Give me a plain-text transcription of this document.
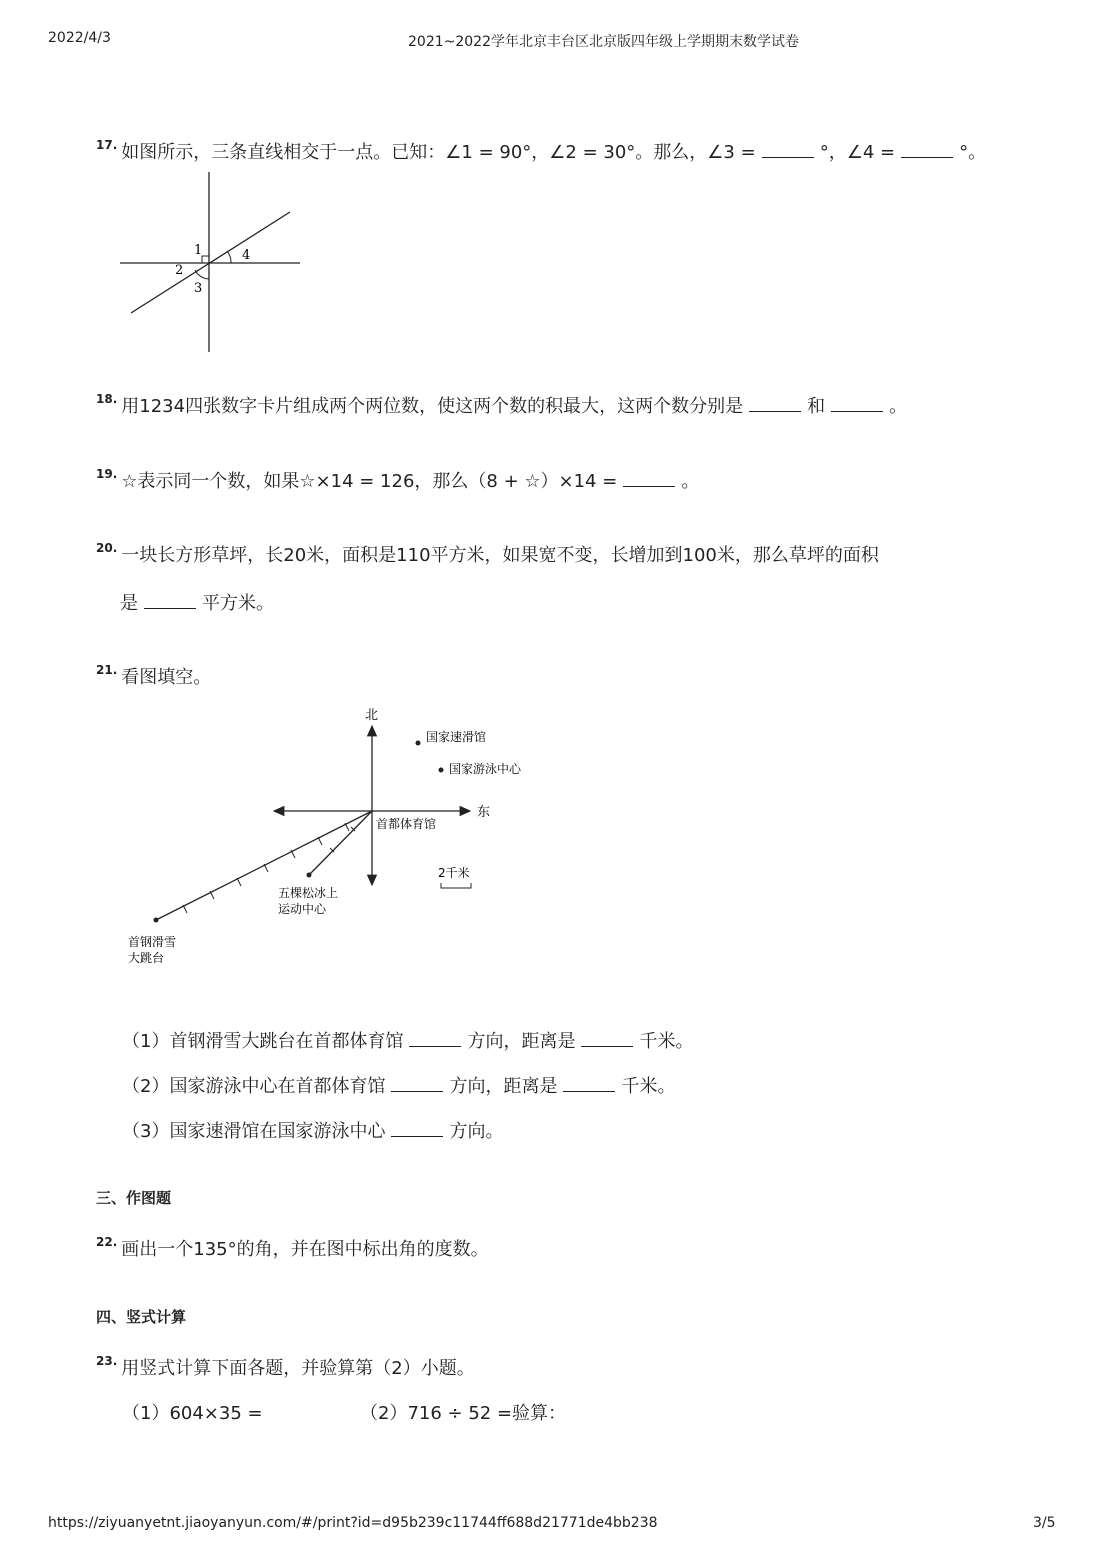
2022/4/3	2021~2022学年北京丰台区北京版四年级上学期期末数学试卷
$^{17.}$ 如图所示，三条直线相交于一点。已知：∠1 = 90°，∠2 = 30°。那么，∠3 =	°，∠4 =	°。
1
2
3
4
$^{18.}$ 用1234四张数字卡片组成两个两位数，使这两个数的积最大，这两个数分别是	和	。
$^{19.}$ ☆表示同一个数，如果☆×14 = 126，那么（8 + ☆）×14 =	。
$^{20.}$ 一块长方形草坪，长20米，面积是110平方米，如果宽不变，长增加到100米，那么草坪的面积
是	平方米。
$^{21.}$ 看图填空。
北
东
首都体育馆
国家速滑馆
国家游泳中心
五棵松冰上
运动中心
首钢滑雪
大跳台
2千米
（1）首钢滑雪大跳台在首都体育馆	方向，距离是	千米。
（2）国家游泳中心在首都体育馆	方向，距离是	千米。
（3）国家速滑馆在国家游泳中心	方向。
三、作图题
$^{22.}$ 画出一个135°的角，并在图中标出角的度数。
四、竖式计算
$^{23.}$ 用竖式计算下面各题，并验算第（2）小题。
（1）604×35 =	（2）716 ÷ 52 =验算：
https://ziyuanyetnt.jiaoyanyun.com/#/print?id=d95b239c11744ff688d21771de4bb238	3/5
